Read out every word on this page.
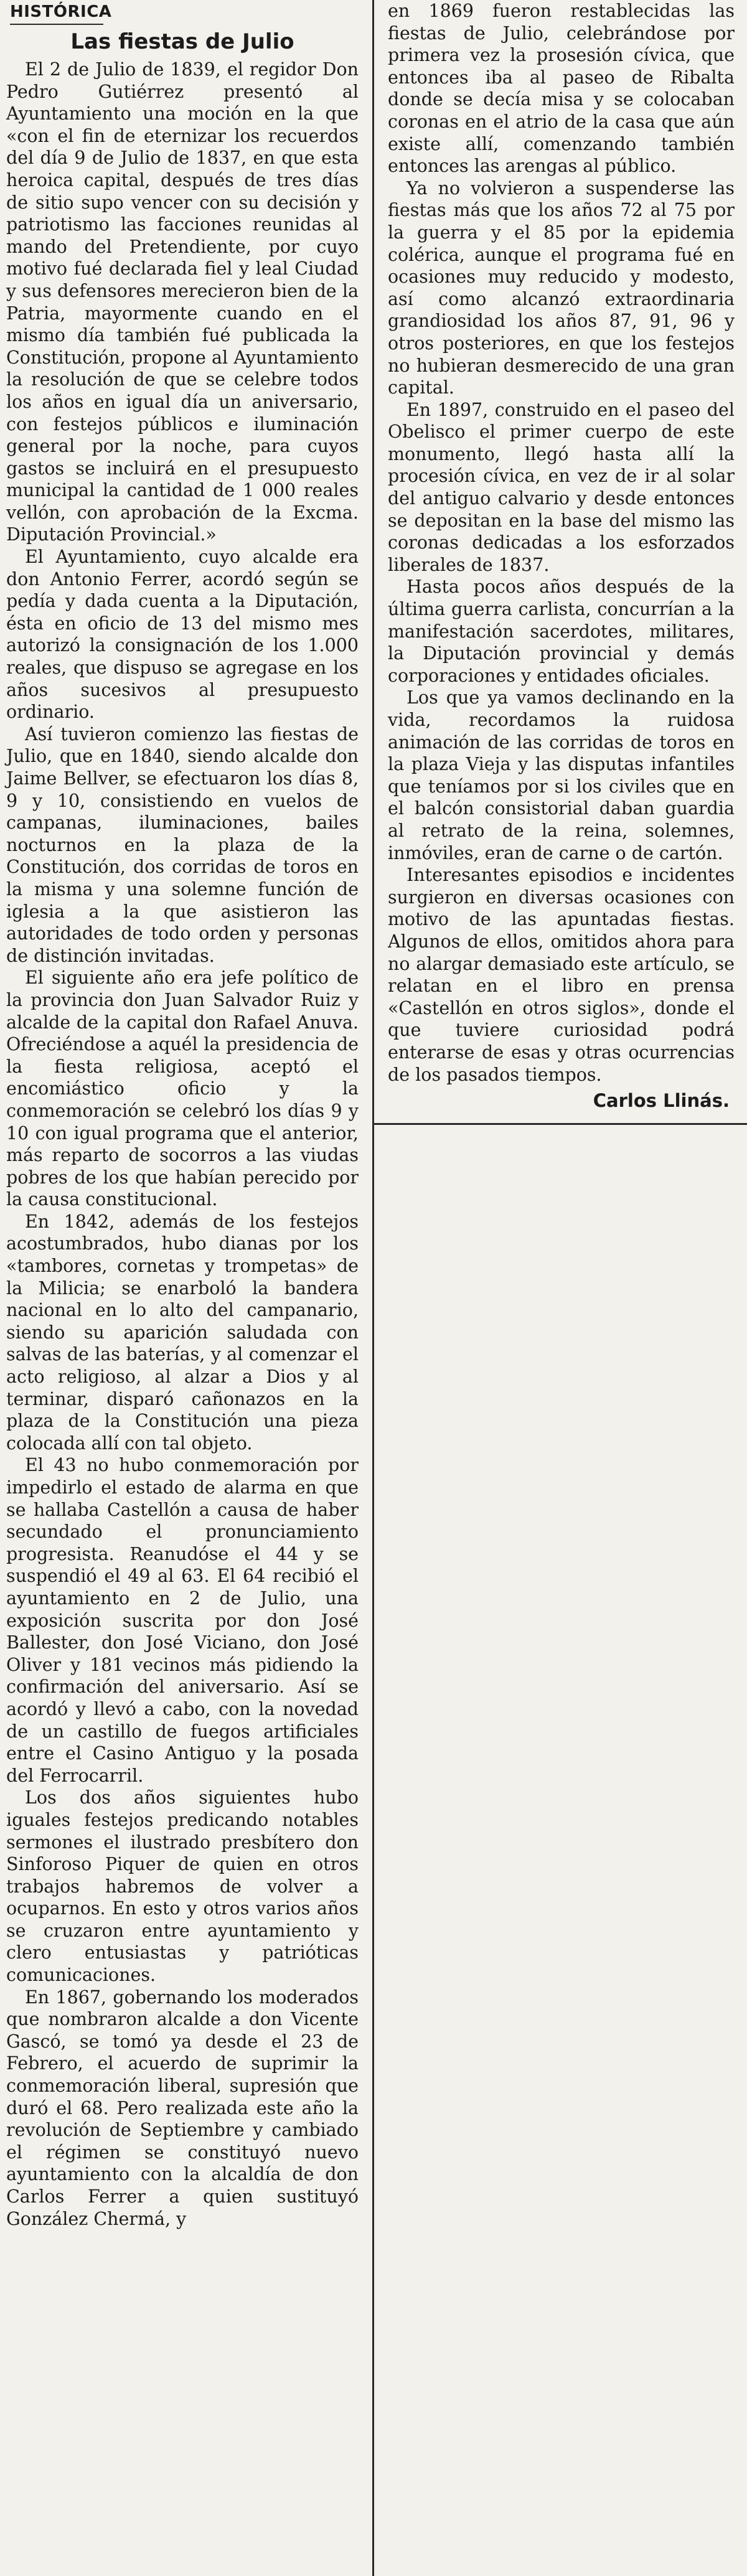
HISTÓRICA
Las fiestas de Julio

El 2 de Julio de 1839, el regidor Don Pedro Gutiérrez presentó al Ayuntamiento una moción en la que «con el fin de eternizar los recuerdos del día 9 de Julio de 1837, en que esta heroica capital, después de tres días de sitio supo vencer con su decisión y patriotismo las facciones reunidas al mando del Pretendiente, por cuyo motivo fué declarada fiel y leal Ciudad y sus defensores merecieron bien de la Patria, mayormente cuando en el mismo día también fué publicada la Constitución, propone al Ayuntamiento la resolución de que se celebre todos los años en igual día un aniversario, con festejos públicos e iluminación general por la noche, para cuyos gastos se incluirá en el presupuesto municipal la cantidad de 1 000 reales vellón, con aprobación de la Excma. Diputación Provincial.»

El Ayuntamiento, cuyo alcalde era don Antonio Ferrer, acordó según se pedía y dada cuenta a la Diputación, ésta en oficio de 13 del mismo mes autorizó la consignación de los 1.000 reales, que dispuso se agregase en los años sucesivos al presupuesto ordinario.

Así tuvieron comienzo las fiestas de Julio, que en 1840, siendo alcalde don Jaime Bellver, se efectuaron los días 8, 9 y 10, consistiendo en vuelos de campanas, iluminaciones, bailes nocturnos en la plaza de la Constitución, dos corridas de toros en la misma y una solemne función de iglesia a la que asistieron las autoridades de todo orden y personas de distinción invitadas.

El siguiente año era jefe político de la provincia don Juan Salvador Ruiz y alcalde de la capital don Rafael Anuva. Ofreciéndose a aquél la presidencia de la fiesta religiosa, aceptó el encomiástico oficio y la conmemoración se celebró los días 9 y 10 con igual programa que el anterior, más reparto de socorros a las viudas pobres de los que habían perecido por la causa constitucional.

En 1842, además de los festejos acostumbrados, hubo dianas por los «tambores, cornetas y trompetas» de la Milicia; se enarboló la bandera nacional en lo alto del campanario, siendo su aparición saludada con salvas de las baterías, y al comenzar el acto religioso, al alzar a Dios y al terminar, disparó cañonazos en la plaza de la Constitución una pieza colocada allí con tal objeto.

El 43 no hubo conmemoración por impedirlo el estado de alarma en que se hallaba Castellón a causa de haber secundado el pronunciamiento progresista. Reanudóse el 44 y se suspendió el 49 al 63. El 64 recibió el ayuntamiento en 2 de Julio, una exposición suscrita por don José Ballester, don José Viciano, don José Oliver y 181 vecinos más pidiendo la confirmación del aniversario. Así se acordó y llevó a cabo, con la novedad de un castillo de fuegos artificiales entre el Casino Antiguo y la posada del Ferrocarril.

Los dos años siguientes hubo iguales festejos predicando notables sermones el ilustrado presbítero don Sinforoso Piquer de quien en otros trabajos habremos de volver a ocuparnos. En esto y otros varios años se cruzaron entre ayuntamiento y clero entusiastas y patrióticas comunicaciones.

En 1867, gobernando los moderados que nombraron alcalde a don Vicente Gascó, se tomó ya desde el 23 de Febrero, el acuerdo de suprimir la conmemoración liberal, supresión que duró el 68. Pero realizada este año la revolución de Septiembre y cambiado el régimen se constituyó nuevo ayuntamiento con la alcaldía de don Carlos Ferrer a quien sustituyó González Chermá, y

en 1869 fueron restablecidas las fiestas de Julio, celebrándose por primera vez la prosesión cívica, que entonces iba al paseo de Ribalta donde se decía misa y se colocaban coronas en el atrio de la casa que aún existe allí, comenzando también entonces las arengas al público.

Ya no volvieron a suspenderse las fiestas más que los años 72 al 75 por la guerra y el 85 por la epidemia colérica, aunque el programa fué en ocasiones muy reducido y modesto, así como alcanzó extraordinaria grandiosidad los años 87, 91, 96 y otros posteriores, en que los festejos no hubieran desmerecido de una gran capital.

En 1897, construido en el paseo del Obelisco el primer cuerpo de este monumento, llegó hasta allí la procesión cívica, en vez de ir al solar del antiguo calvario y desde entonces se depositan en la base del mismo las coronas dedicadas a los esforzados liberales de 1837.

Hasta pocos años después de la última guerra carlista, concurrían a la manifestación sacerdotes, militares, la Diputación provincial y demás corporaciones y entidades oficiales.

Los que ya vamos declinando en la vida, recordamos la ruidosa animación de las corridas de toros en la plaza Vieja y las disputas infantiles que teníamos por si los civiles que en el balcón consistorial daban guardia al retrato de la reina, solemnes, inmóviles, eran de carne o de cartón.

Interesantes episodios e incidentes surgieron en diversas ocasiones con motivo de las apuntadas fiestas. Algunos de ellos, omitidos ahora para no alargar demasiado este artículo, se relatan en el libro en prensa «Castellón en otros siglos», donde el que tuviere curiosidad podrá enterarse de esas y otras ocurrencias de los pasados tiempos.

Carlos Llinás.
